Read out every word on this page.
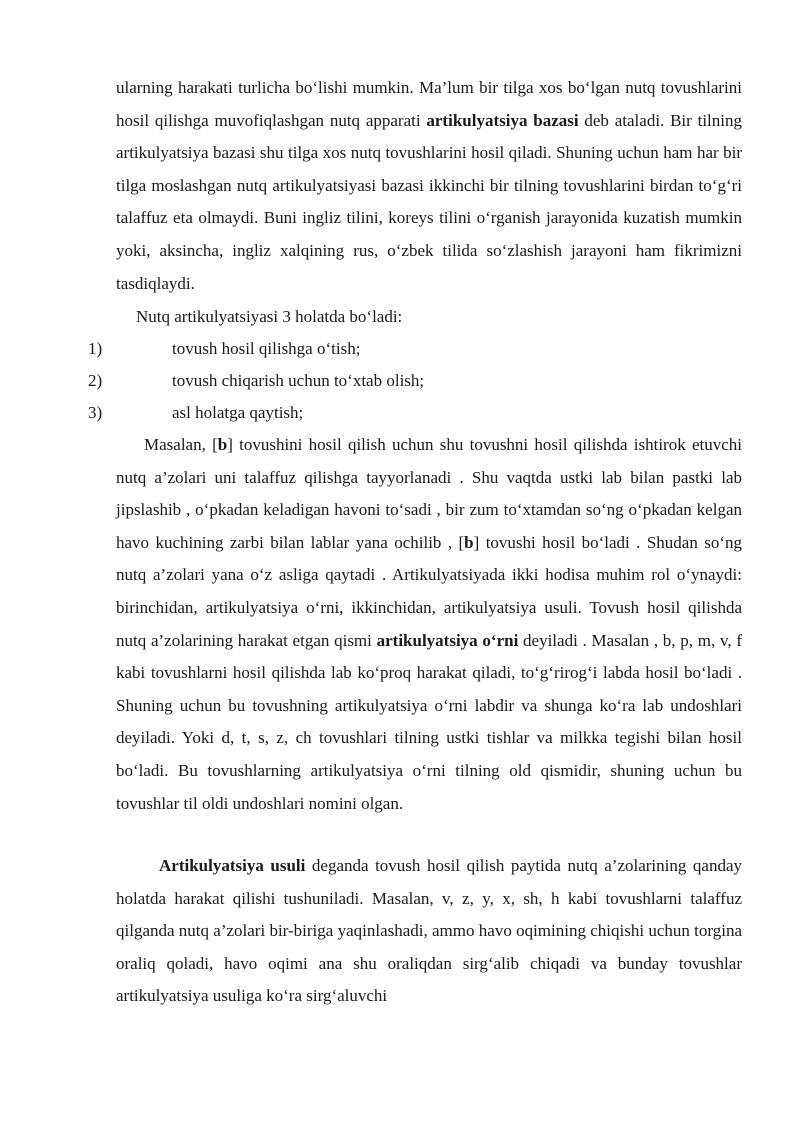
ularning harakati turlicha bo‘lishi mumkin. Ma’lum bir tilga xos bo‘lgan nutq tovushlarini hosil qilishga muvofiqlashgan nutq apparati artikulyatsiya bazasi deb ataladi. Bir tilning artikulyatsiya bazasi shu tilga xos nutq tovushlarini hosil qiladi. Shuning uchun ham har bir tilga moslashgan nutq artikulyatsiyasi bazasi ikkinchi bir tilning tovushlarini birdan to‘g‘ri talaffuz eta olmaydi. Buni ingliz tilini, koreys tilini o‘rganish jarayonida kuzatish mumkin yoki, aksincha, ingliz xalqining rus, o‘zbek tilida so‘zlashish jarayoni ham fikrimizni tasdiqlaydi.

Nutq artikulyatsiyasi 3 holatda bo‘ladi:
1)	tovush hosil qilishga o‘tish;
2)	tovush chiqarish uchun to‘xtab olish;
3)	asl holatga qaytish;

Masalan, [b] tovushini hosil qilish uchun shu tovushni hosil qilishda ishtirok etuvchi nutq a’zolari uni talaffuz qilishga tayyorlanadi . Shu vaqtda ustki lab bilan pastki lab jipslashib , o‘pkadan keladigan havoni to‘sadi , bir zum to‘xtamdan so‘ng o‘pkadan kelgan havo kuchining zarbi bilan lablar yana ochilib , [b] tovushi hosil bo‘ladi . Shudan so‘ng nutq a’zolari yana o‘z asliga qaytadi . Artikulyatsiyada ikki hodisa muhim rol o‘ynaydi: birinchidan, artikulyatsiya o‘rni, ikkinchidan, artikulyatsiya usuli. Tovush hosil qilishda nutq a’zolarining harakat etgan qismi artikulyatsiya o‘rni deyiladi . Masalan , b, p, m, v, f kabi tovushlarni hosil qilishda lab ko‘proq harakat qiladi, to‘g‘rirog‘i labda hosil bo‘ladi . Shuning uchun bu tovushning artikulyatsiya o‘rni labdir va shunga ko‘ra lab undoshlari deyiladi. Yoki d, t, s, z, ch tovushlari tilning ustki tishlar va milkka tegishi bilan hosil bo‘ladi. Bu tovushlarning artikulyatsiya o‘rni tilning old qismidir, shuning uchun bu tovushlar til oldi undoshlari nomini olgan.

Artikulyatsiya usuli deganda tovush hosil qilish paytida nutq a’zolarining qanday holatda harakat qilishi tushuniladi. Masalan, v, z, y, x, sh, h kabi tovushlarni talaffuz qilganda nutq a’zolari bir-biriga yaqinlashadi, ammo havo oqimining chiqishi uchun torgina oraliq qoladi, havo oqimi ana shu oraliqdan sirg‘alib chiqadi va bunday tovushlar artikulyatsiya usuliga ko‘ra sirg‘aluvchi
